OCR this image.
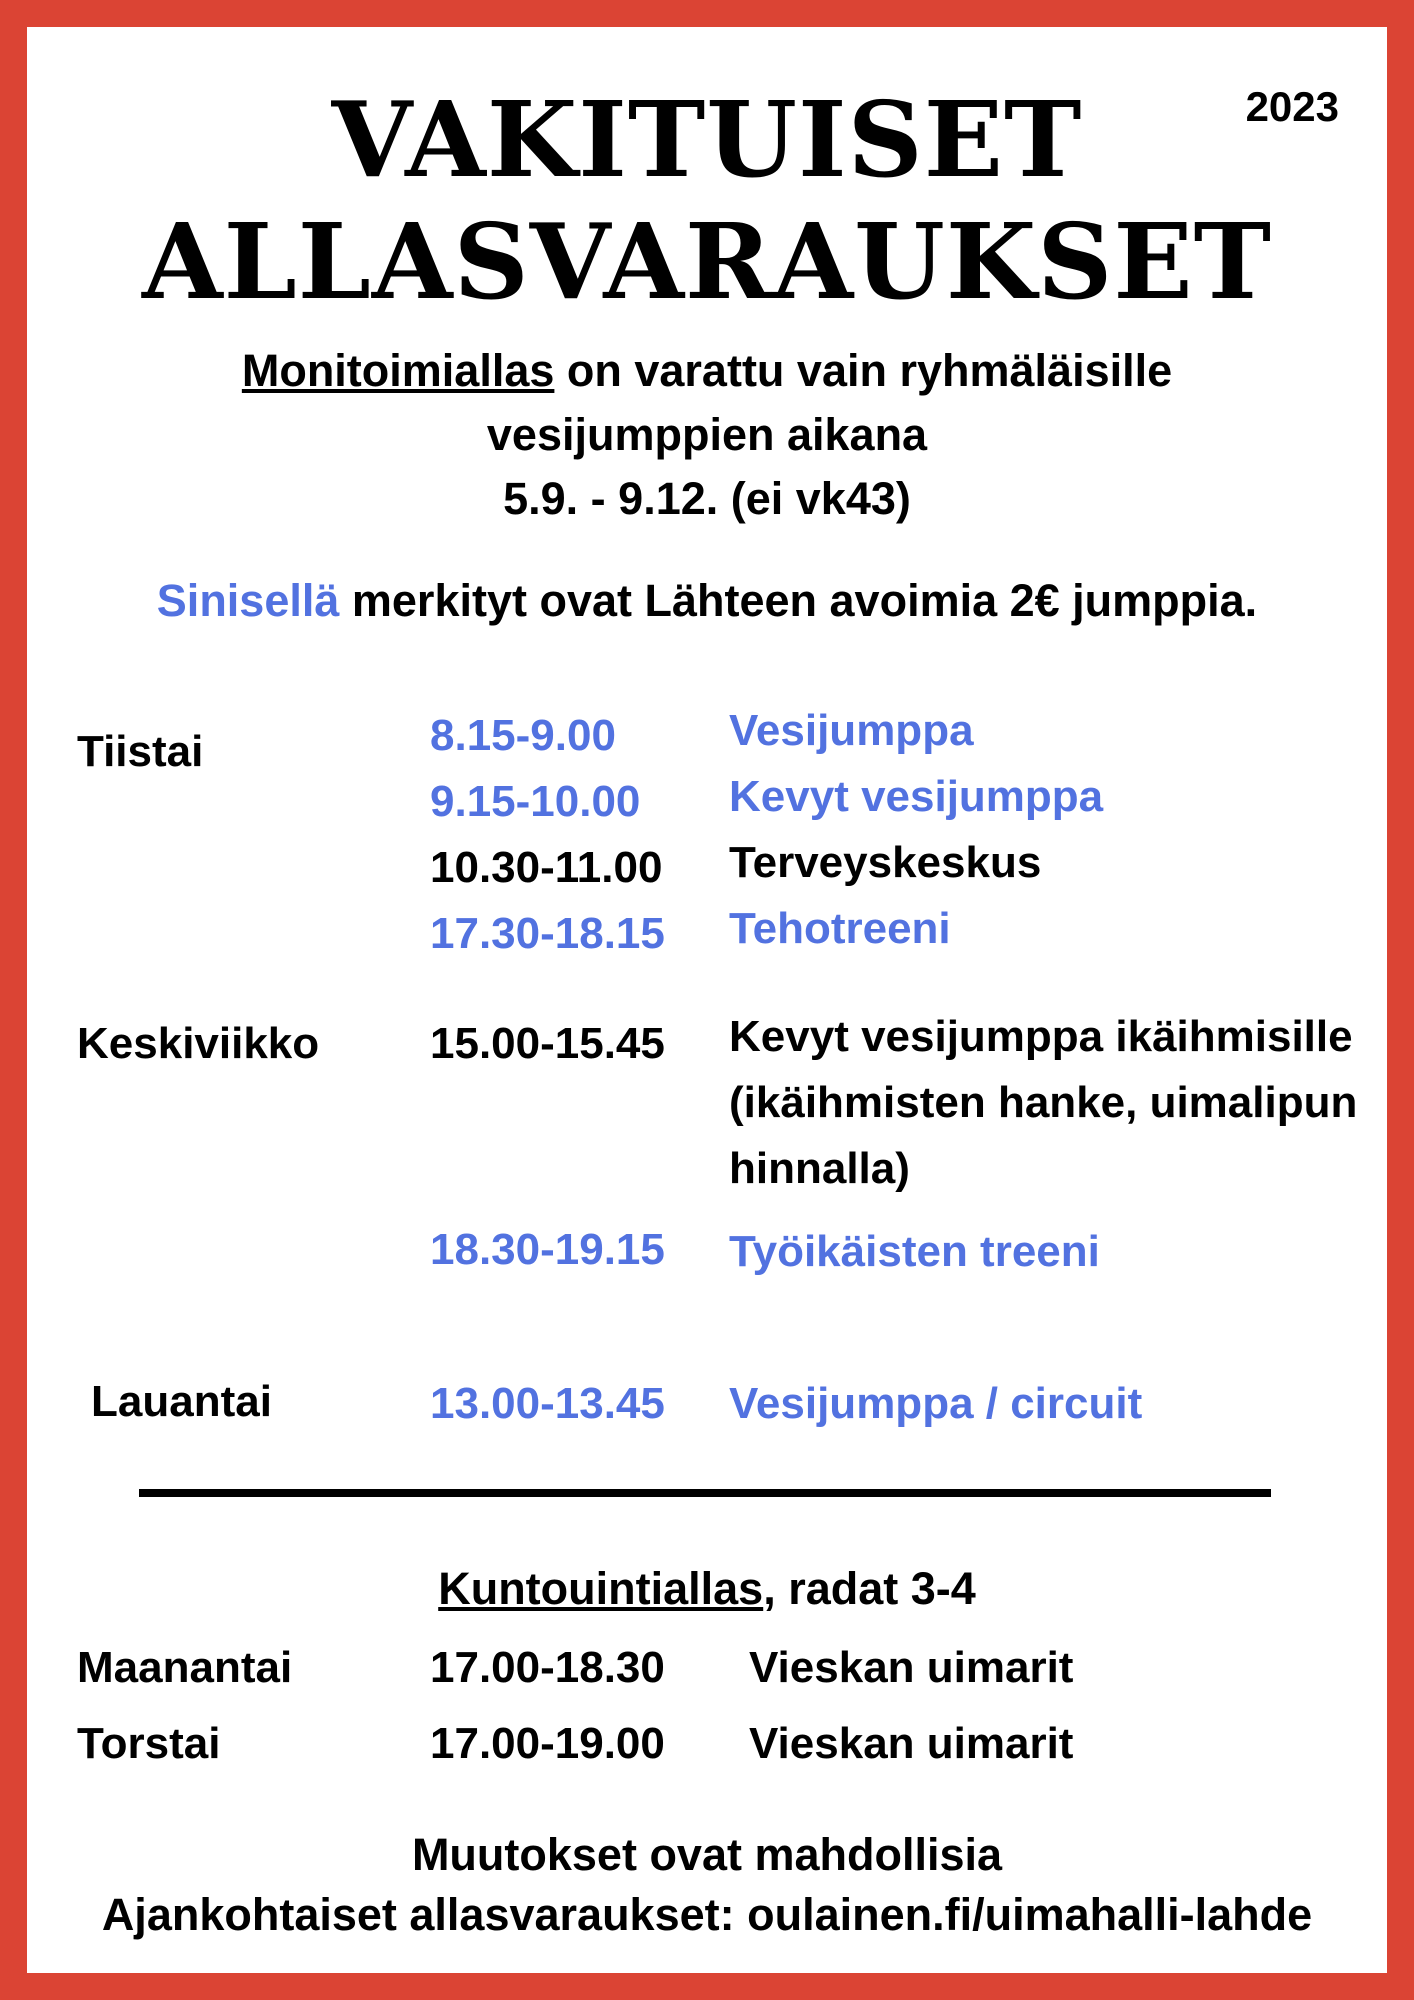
2023
VAKITUISET
ALLASVARAUKSET
Monitoimiallas on varattu vain ryhmäläisille
vesijumppien aikana
5.9. - 9.12. (ei vk43)
Sinisellä merkityt ovat Lähteen avoimia 2€ jumppia.
Tiistai	8.15-9.00	Vesijumppa
9.15-10.00 Kevyt vesijumppa
10.30-11.00 Terveyskeskus
17.30-18.15 Tehotreeni
Keskiviikko	15.00-15.45 Kevyt vesijumppa ikäihmisille (ikäihmisten hanke, uimalipun hinnalla)
18.30-19.15 Työikäisten treeni
Lauantai	13.00-13.45 Vesijumppa / circuit
Kuntouintiallas, radat 3-4
Maanantai	17.00-18.30 Vieskan uimarit
Torstai	17.00-19.00 Vieskan uimarit
Muutokset ovat mahdollisia
Ajankohtaiset allasvaraukset: oulainen.fi/uimahalli-lahde
